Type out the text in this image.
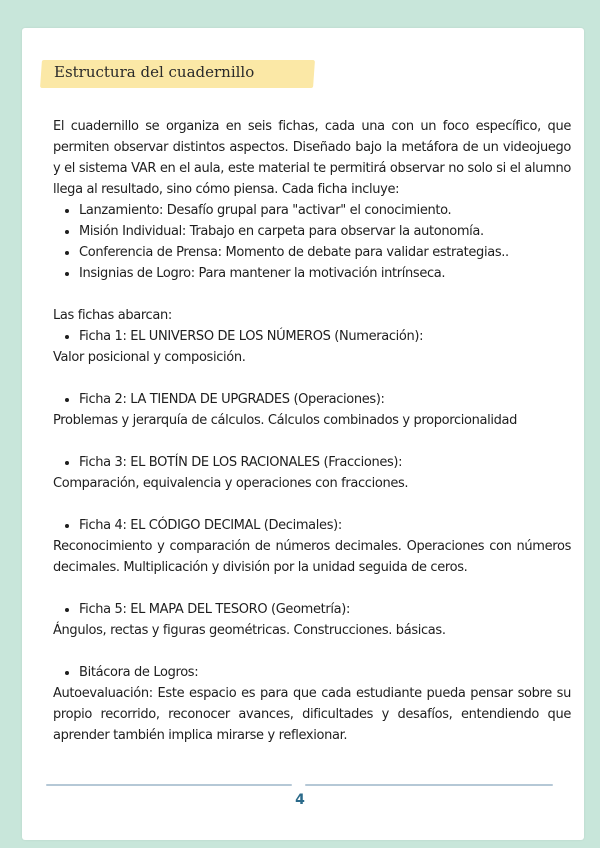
Estructura del cuadernillo

El cuadernillo se organiza en seis fichas, cada una con un foco específico, que permiten observar distintos aspectos. Diseñado bajo la metáfora de un videojuego y el sistema VAR en el aula, este material te permitirá observar no solo si el alumno llega al resultado, sino cómo piensa. Cada ficha incluye:

Lanzamiento: Desafío grupal para "activar" el conocimiento.
Misión Individual: Trabajo en carpeta para observar la autonomía.
Conferencia de Prensa: Momento de debate para validar estrategias..
Insignias de Logro: Para mantener la motivación intrínseca.

Las fichas abarcan:

Ficha 1: EL UNIVERSO DE LOS NÚMEROS (Numeración):

Valor posicional y composición.

Ficha 2: LA TIENDA DE UPGRADES (Operaciones):

Problemas y jerarquía de cálculos. Cálculos combinados y proporcionalidad

Ficha 3: EL BOTÍN DE LOS RACIONALES (Fracciones):

Comparación, equivalencia y operaciones con fracciones.

Ficha 4: EL CÓDIGO DECIMAL (Decimales):

Reconocimiento y comparación de números decimales. Operaciones con números decimales. Multiplicación y división por la unidad seguida de ceros.

Ficha 5: EL MAPA DEL TESORO (Geometría):

Ángulos, rectas y figuras geométricas. Construcciones. básicas.

Bitácora de Logros:

Autoevaluación: Este espacio es para que cada estudiante pueda pensar sobre su propio recorrido, reconocer avances, dificultades y desafíos, entendiendo que aprender también implica mirarse y reflexionar.

4
